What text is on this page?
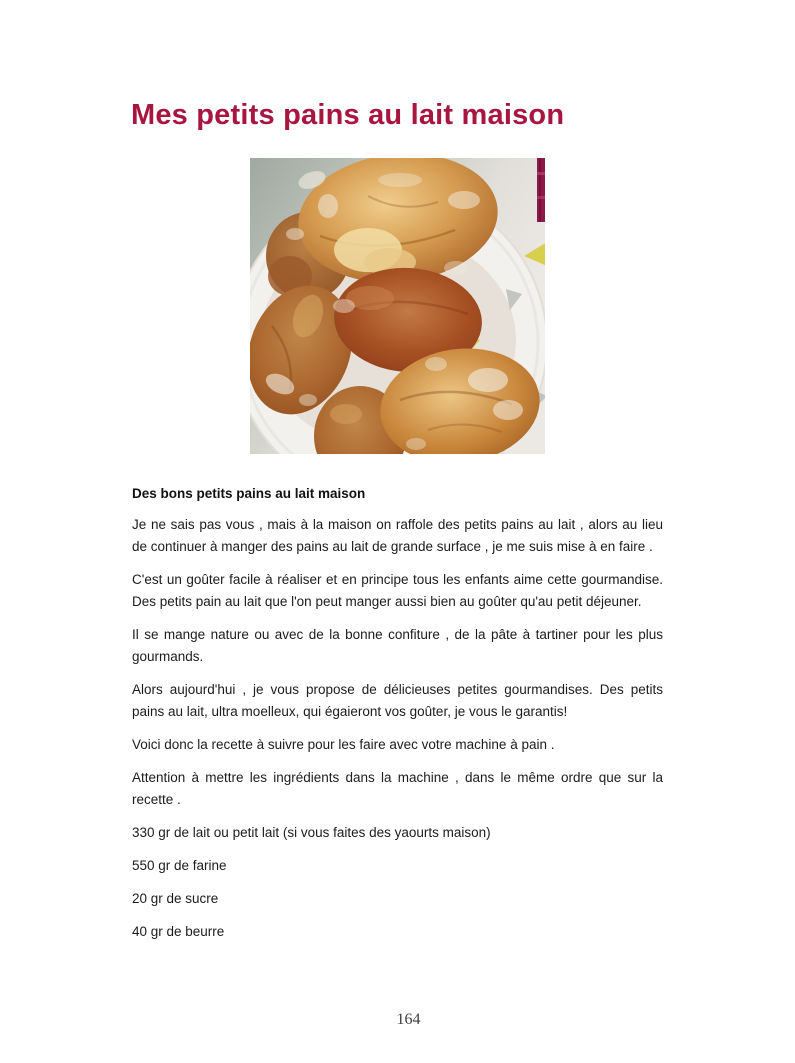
Mes petits pains au lait maison
Des bons petits pains au lait maison

Je ne sais pas vous , mais à la maison on raffole des petits pains au lait , alors au lieu de continuer à manger des pains au lait de grande surface , je me suis mise à en faire .

C'est un goûter facile à réaliser et en principe tous les enfants aime cette gourmandise. Des petits pain au lait que l'on peut manger aussi bien au goûter qu'au petit déjeuner.

Il se mange nature ou avec de la bonne confiture , de la pâte à tartiner pour les plus gourmands.

Alors aujourd'hui , je vous propose de délicieuses petites gourmandises. Des petits pains au lait, ultra moelleux, qui égaieront vos goûter, je vous le garantis!

Voici donc la recette à suivre pour les faire avec votre machine à pain .

Attention à mettre les ingrédients dans la machine , dans le même ordre que sur la recette .

330 gr de lait ou petit lait (si vous faites des yaourts maison)

550 gr de farine

20 gr de sucre

40 gr de beurre

164
